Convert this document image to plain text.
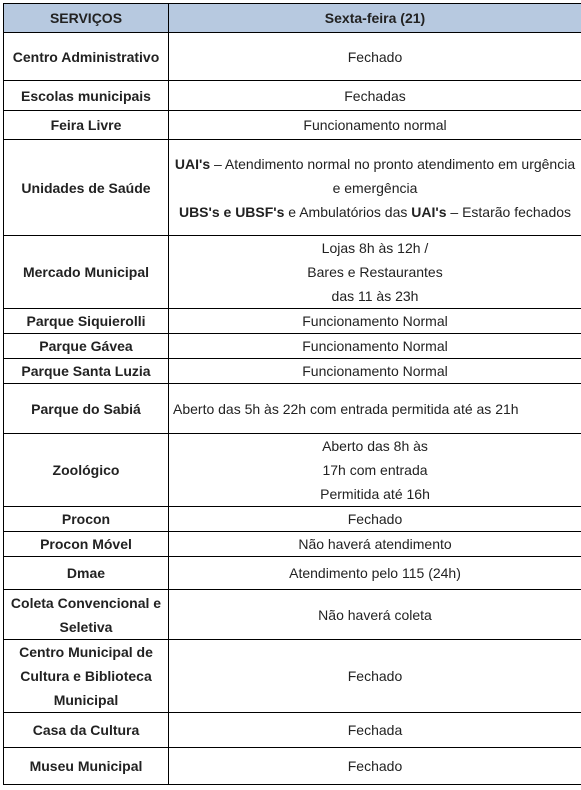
SERVIÇOS	Sexta-feira (21)
Centro Administrativo	Fechado
Escolas municipais	Fechadas
Feira Livre	Funcionamento normal
Unidades de Saúde	UAI's – Atendimento normal no pronto atendimento em urgência e emergência
UBS's e UBSF's e Ambulatórios das UAI's – Estarão fechados

Mercado Municipal	Lojas 8h às 12h /
Bares e Restaurantes
das 11 às 23h

Parque Siquierolli	Funcionamento Normal
Parque Gávea	Funcionamento Normal
Parque Santa Luzia	Funcionamento Normal
Parque do Sabiá	Aberto das 5h às 22h com entrada permitida até as 21h
Zoológico	Aberto das 8h às
17h com entrada
Permitida até 16h

Procon	Fechado
Procon Móvel	Não haverá atendimento
Dmae	Atendimento pelo 115 (24h)
Coleta Convencional e Seletiva	Não haverá coleta
Centro Municipal de Cultura e Biblioteca Municipal	Fechado
Casa da Cultura	Fechada
Museu Municipal	Fechado
